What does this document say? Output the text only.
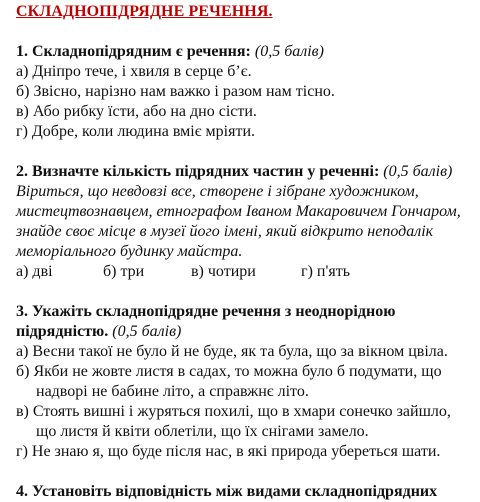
СКЛАДНОПІДРЯДНЕ РЕЧЕННЯ.
1. Складнопідрядним є речення: (0,5 балів)
а) Дніпро тече, і хвиля в серце б’є.
б) Звісно, нарізно нам важко і разом нам тісно.
в) Або рибку їсти, або на дно сісти.
г) Добре, коли людина вміє мріяти.
2. Визначте кількість підрядних частин у реченні: (0,5 балів)
Віриться, що невдовзі все, створене і зібране художником,
мистецтвознавцем, етнографом Іваном Макаровичем Гончаром,
знайде своє місце в музеї його імені, який відкрито неподалік
меморіального будинку майстра.
а) дві	б) три	в) чотири	г) п'ять
3. Укажіть складнопідрядне речення з неоднорідною
підрядністю. (0,5 балів)
а) Весни такої не було й не буде, як та була, що за вікном цвіла.
б) Якби не жовте листя в садах, то можна було б подумати, що
надворі не бабине літо, а справжнє літо.
в) Стоять вишні і журяться похилі, що в хмари сонечко зайшло,
що листя й квіти облетіли, що їх снігами замело.
г) Не знаю я, що буде після нас, в які природа убереться шати.
4. Установіть відповідність між видами складнопідрядних
